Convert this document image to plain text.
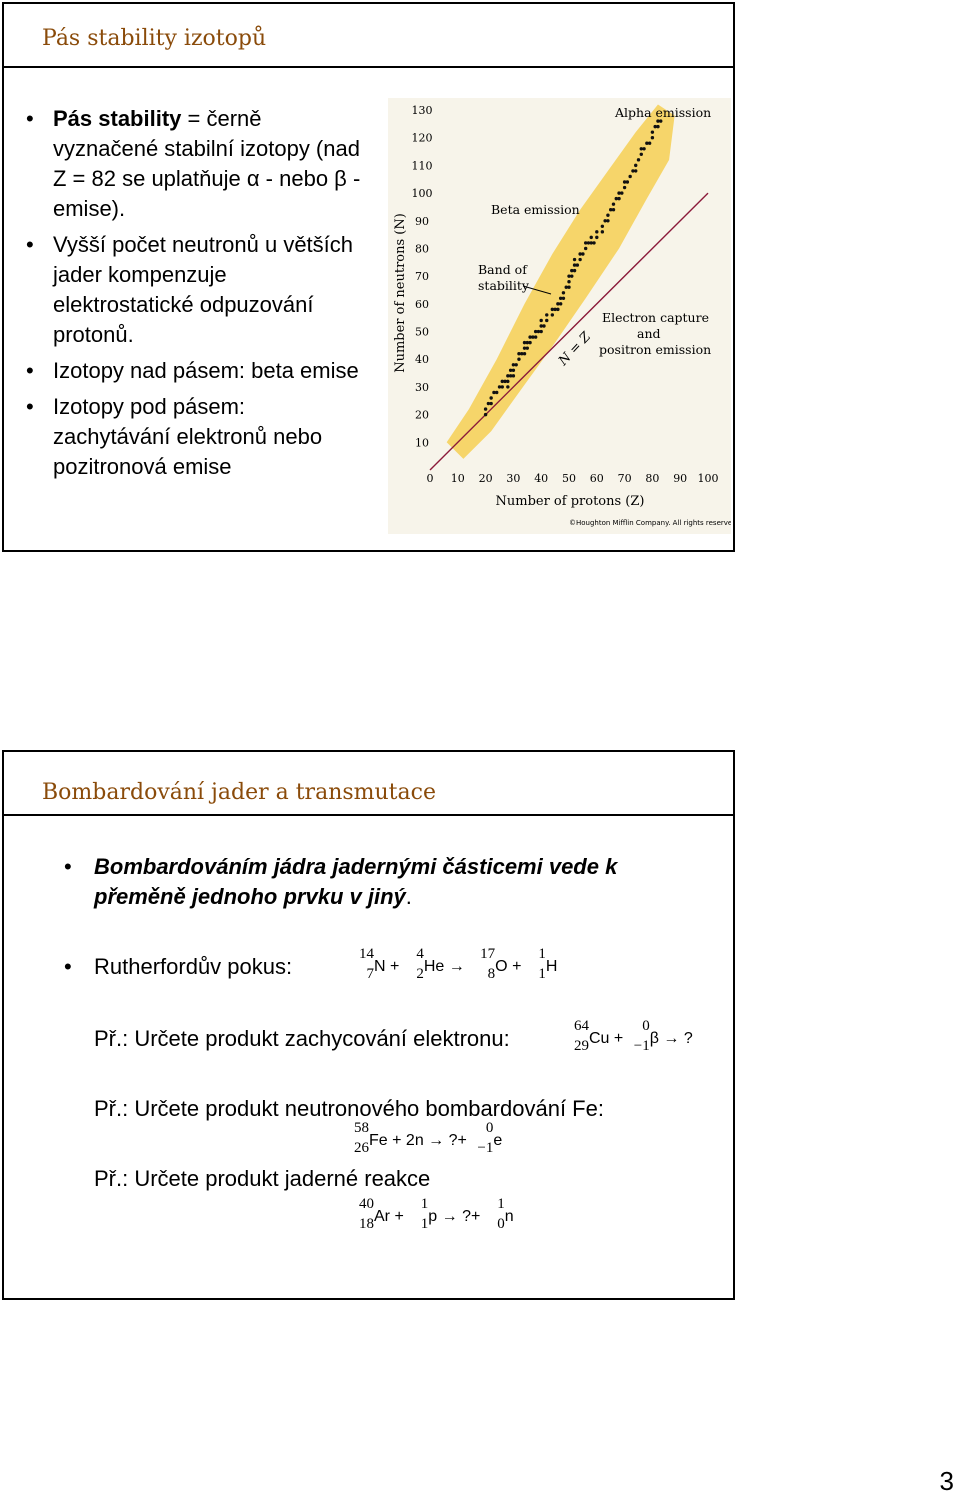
Pás stability izotopů
• Pás stability = černě vyznačené stabilní izotopy (nad Z = 82 se uplatňuje α - nebo β - emise).
• Vyšší počet neutronů u větších jader kompenzuje elektrostatické odpuzování protonů.
• Izotopy nad pásem: beta emise
• Izotopy pod pásem: zachytávání elektronů nebo pozitronová emise
10
20
30
40
50
60
70
80
90
100
110
120
130
0 10 20 30 40 50 60 70 80 90 100
Number of neutrons (N)
Number of protons (Z)
Alpha emission
Beta emission
Band of
stability
Electron capture
and
positron emission
N = Z
©Houghton Mifflin Company. All rights reserved.
Bombardování jader a transmutace
• Bombardováním jádra jadernými částicemi vede k přeměně jednoho prvku v jiný.
• Rutherfordův pokus:	14
7 N +
4
2 He →
17
8 O +
1
1 H
Př.: Určete produkt zachycování elektronu:	64
29 Cu +
0
−1 β → ?
Př.: Určete produkt neutronového bombardování Fe:
58
26 Fe + 2n → ?+
0
−1 e
Př.: Určete produkt jaderné reakce
40
18 Ar +
1
1 p → ?+
1
0 n
3
